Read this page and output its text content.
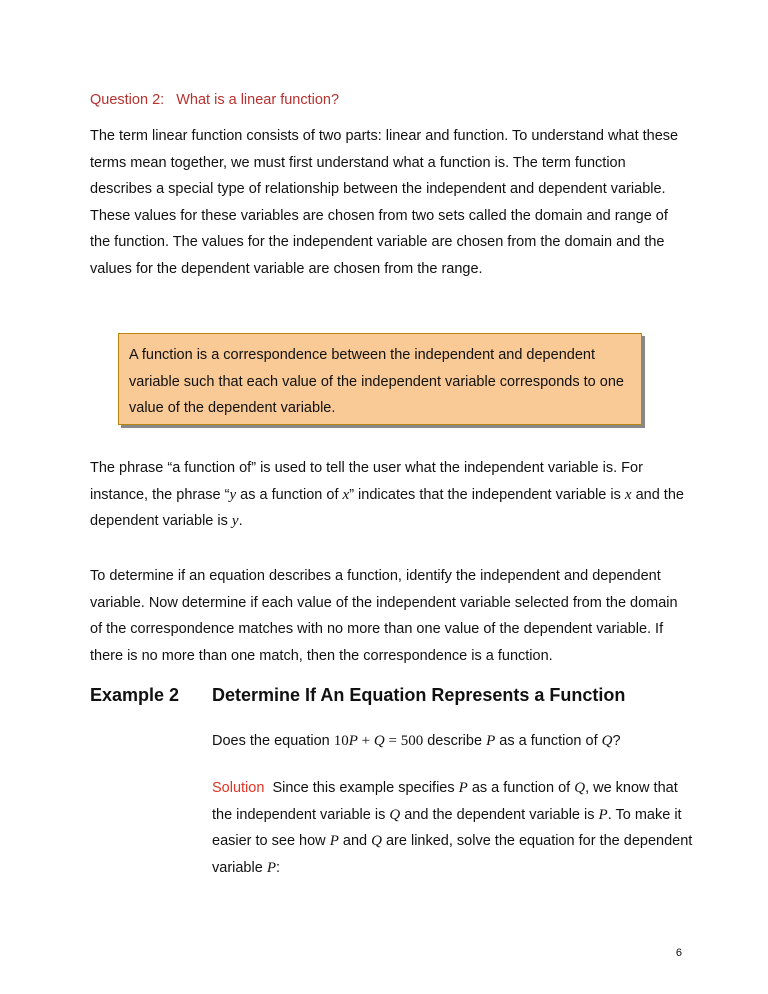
Question 2:   What is a linear function?

The term linear function consists of two parts: linear and function. To understand what these terms mean together, we must first understand what a function is. The term function describes a special type of relationship between the independent and dependent variable. These values for these variables are chosen from two sets called the domain and range of the function. The values for the independent variable are chosen from the domain and the values for the dependent variable are chosen from the range.

A function is a correspondence between the independent and dependent variable such that each value of the independent variable corresponds to one value of the dependent variable.

The phrase “a function of” is used to tell the user what the independent variable is. For instance, the phrase “y as a function of x” indicates that the independent variable is x and the dependent variable is y.

To determine if an equation describes a function, identify the independent and dependent variable. Now determine if each value of the independent variable selected from the domain of the correspondence matches with no more than one value of the dependent variable. If there is no more than one match, then the correspondence is a function.

Example 2 Determine If An Equation Represents a Function

Does the equation 10P + Q = 500 describe P as a function of Q?

Solution  Since this example specifies P as a function of Q, we know that the independent variable is Q and the dependent variable is P. To make it easier to see how P and Q are linked, solve the equation for the dependent variable P:

6
